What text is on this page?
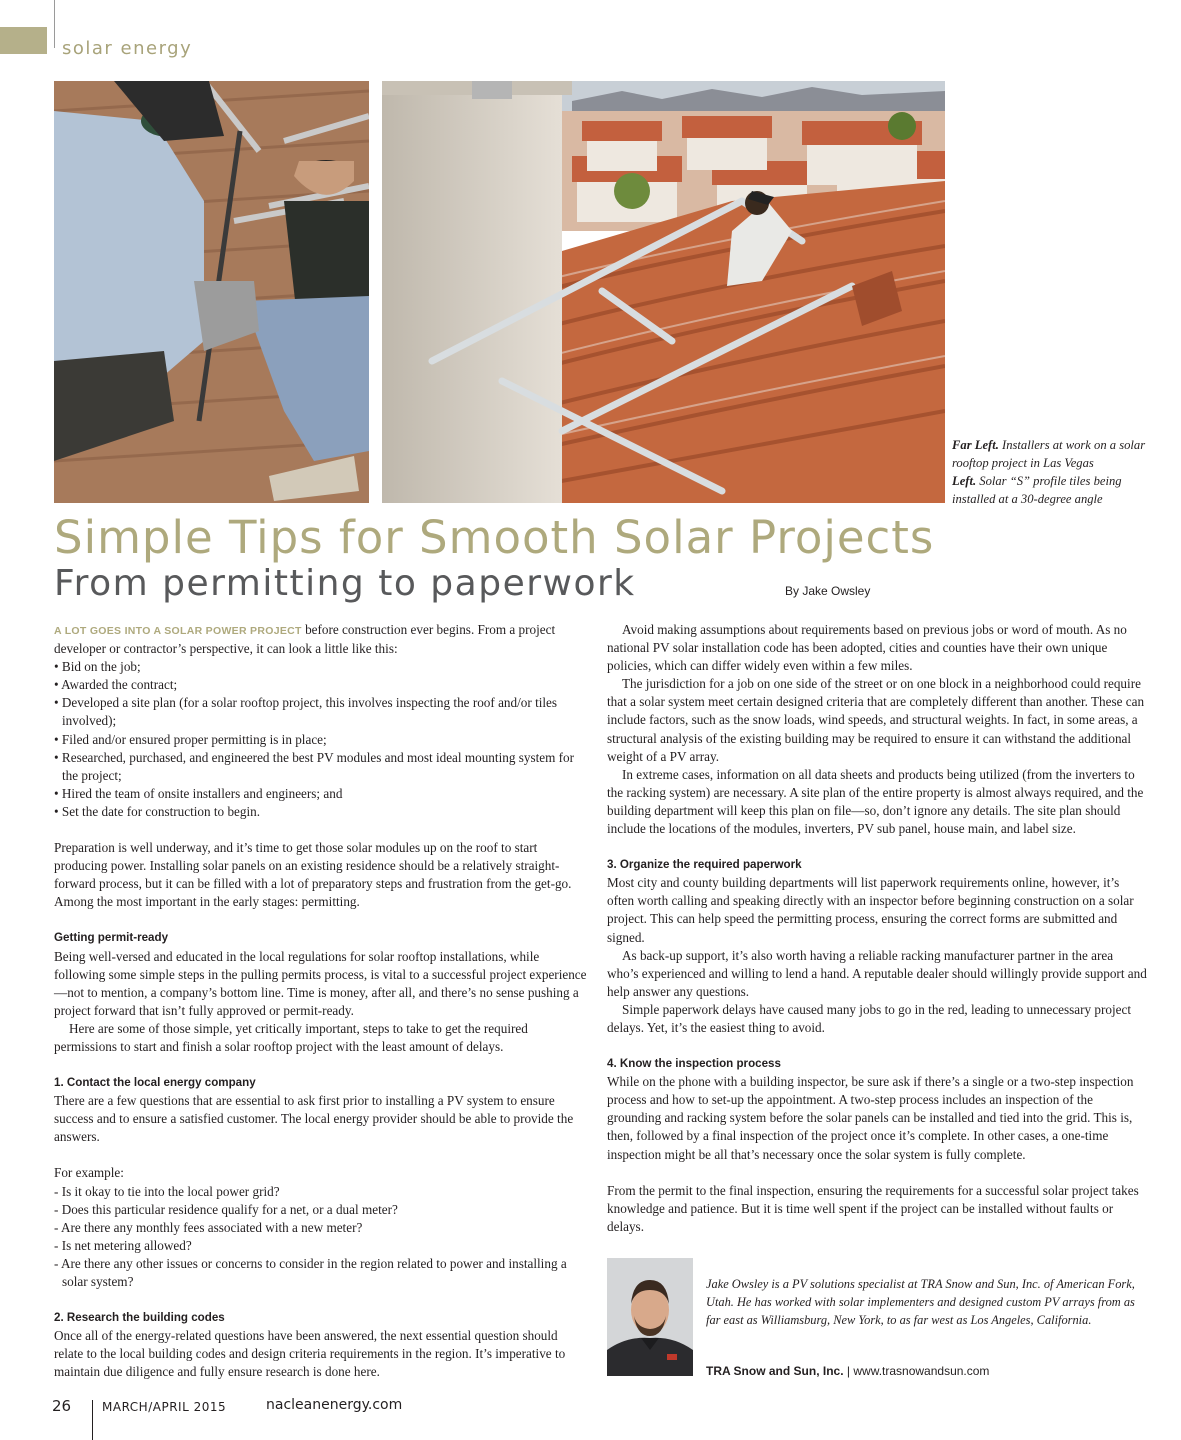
solar energy
Far Left. Installers at work on a solar rooftop project in Las Vegas
Left. Solar “S” profile tiles being installed at a 30-degree angle
Simple Tips for Smooth Solar Projects
From permitting to paperwork	By Jake Owsley

A LOT GOES INTO A SOLAR POWER PROJECT before construction ever begins. From a project developer or contractor’s perspective, it can look a little like this:

• Bid on the job;
• Awarded the contract;
• Developed a site plan (for a solar rooftop project, this involves inspecting the roof and/or tiles involved);
• Filed and/or ensured proper permitting is in place;
• Researched, purchased, and engineered the best PV modules and most ideal mounting system for the project;
• Hired the team of onsite installers and engineers; and
• Set the date for construction to begin.

Preparation is well underway, and it’s time to get those solar modules up on the roof to start producing power. Installing solar panels on an existing residence should be a relatively straight-forward process, but it can be filled with a lot of preparatory steps and frustration from the get-go. Among the most important in the early stages: permitting.

Getting permit-ready

Being well-versed and educated in the local regulations for solar rooftop installations, while following some simple steps in the pulling permits process, is vital to a successful project experience—not to mention, a company’s bottom line. Time is money, after all, and there’s no sense pushing a project forward that isn’t fully approved or permit-ready.

Here are some of those simple, yet critically important, steps to take to get the required permissions to start and finish a solar rooftop project with the least amount of delays.

1. Contact the local energy company

There are a few questions that are essential to ask first prior to installing a PV system to ensure success and to ensure a satisfied customer. The local energy provider should be able to provide the answers.

For example:

- Is it okay to tie into the local power grid?
- Does this particular residence qualify for a net, or a dual meter?
- Are there any monthly fees associated with a new meter?
- Is net metering allowed?
- Are there any other issues or concerns to consider in the region related to power and installing a solar system?

2. Research the building codes

Once all of the energy-related questions have been answered, the next essential question should relate to the local building codes and design criteria requirements in the region. It’s imperative to maintain due diligence and fully ensure research is done here.

Avoid making assumptions about requirements based on previous jobs or word of mouth. As no national PV solar installation code has been adopted, cities and counties have their own unique policies, which can differ widely even within a few miles.

The jurisdiction for a job on one side of the street or on one block in a neighborhood could require that a solar system meet certain designed criteria that are completely different than another. These can include factors, such as the snow loads, wind speeds, and structural weights. In fact, in some areas, a structural analysis of the existing building may be required to ensure it can withstand the additional weight of a PV array.

In extreme cases, information on all data sheets and products being utilized (from the inverters to the racking system) are necessary. A site plan of the entire property is almost always required, and the building department will keep this plan on file—so, don’t ignore any details. The site plan should include the locations of the modules, inverters, PV sub panel, house main, and label size.

3. Organize the required paperwork

Most city and county building departments will list paperwork requirements online, however, it’s often worth calling and speaking directly with an inspector before beginning construction on a solar project. This can help speed the permitting process, ensuring the correct forms are submitted and signed.

As back-up support, it’s also worth having a reliable racking manufacturer partner in the area who’s experienced and willing to lend a hand. A reputable dealer should willingly provide support and help answer any questions.

Simple paperwork delays have caused many jobs to go in the red, leading to unnecessary project delays. Yet, it’s the easiest thing to avoid.

4. Know the inspection process

While on the phone with a building inspector, be sure ask if there’s a single or a two-step inspection process and how to set-up the appointment. A two-step process includes an inspection of the grounding and racking system before the solar panels can be installed and tied into the grid. This is, then, followed by a final inspection of the project once it’s complete. In other cases, a one-time inspection might be all that’s necessary once the solar system is fully complete.

From the permit to the final inspection, ensuring the requirements for a successful solar project takes knowledge and patience. But it is time well spent if the project can be installed without faults or delays.

Jake Owsley is a PV solutions specialist at TRA Snow and Sun, Inc. of American Fork, Utah. He has worked with solar implementers and designed custom PV arrays from as far east as Williamsburg, New York, to as far west as Los Angeles, California.
TRA Snow and Sun, Inc. | www.trasnowandsun.com
26	MARCH/APRIL 2015	nacleanenergy.com
